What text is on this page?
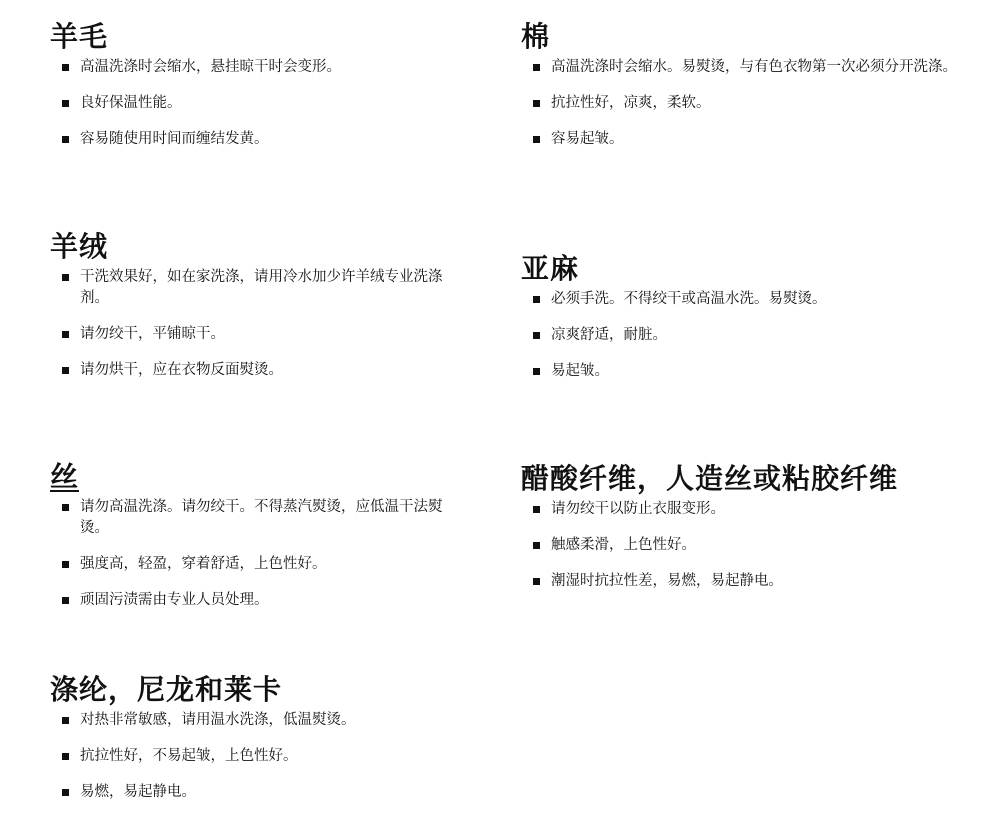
羊毛
高温洗涤时会缩水，悬挂晾干时会变形。
良好保温性能。
容易随使用时间而缠结发黄。
棉
高温洗涤时会缩水。易熨烫，与有色衣物第一次必须分开洗涤。
抗拉性好，凉爽，柔软。
容易起皱。
羊绒
干洗效果好，如在家洗涤，请用冷水加少许羊绒专业洗涤剂。
请勿绞干，平铺晾干。
请勿烘干，应在衣物反面熨烫。
亚麻
必须手洗。不得绞干或高温水洗。易熨烫。
凉爽舒适，耐脏。
易起皱。
丝
请勿高温洗涤。请勿绞干。不得蒸汽熨烫，应低温干法熨烫。
强度高，轻盈，穿着舒适，上色性好。
顽固污渍需由专业人员处理。
醋酸纤维，人造丝或粘胶纤维
请勿绞干以防止衣服变形。
触感柔滑，上色性好。
潮湿时抗拉性差，易燃，易起静电。
涤纶，尼龙和莱卡
对热非常敏感，请用温水洗涤，低温熨烫。
抗拉性好，不易起皱，上色性好。
易燃，易起静电。
